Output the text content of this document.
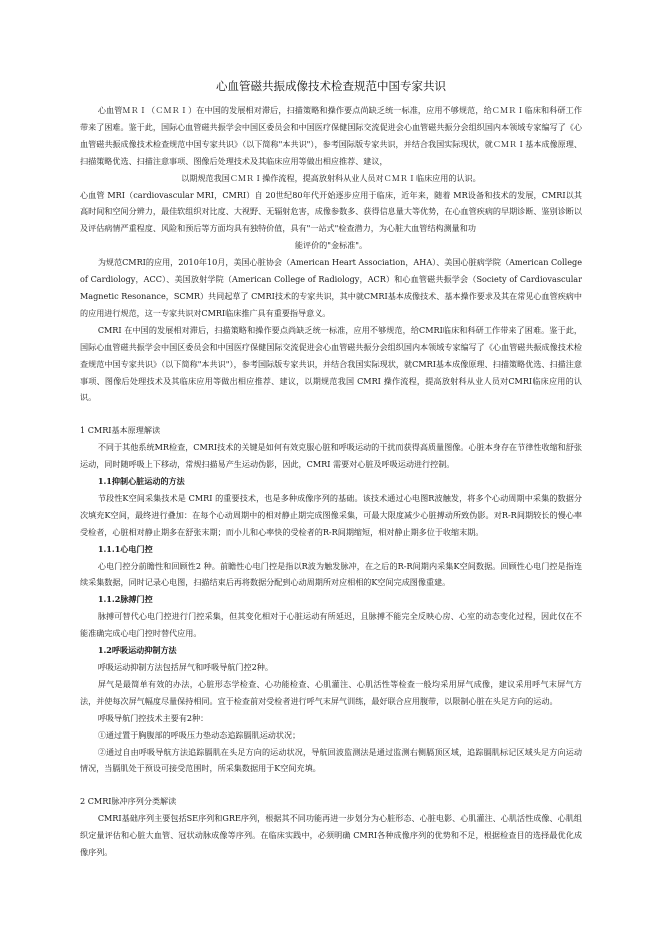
心血管磁共振成像技术检查规范中国专家共识

心血管ＭＲＩ（ＣＭＲＩ）在中国的发展相对滞后，扫描策略和操作要点尚缺乏统一标准，应用不够规范，给ＣＭＲＩ临床和科研工作带来了困难。鉴于此，国际心血管磁共振学会中国区委员会和中国医疗保健国际交流促进会心血管磁共振分会组织国内本领域专家编写了《心血管磁共振成像技术检查规范中国专家共识》（以下简称"本共识"），参考国际版专家共识，并结合我国实际现状，就ＣＭＲＩ基本成像原理、扫描策略优选、扫描注意事项、图像后处理技术及其临床应用等做出相应推荐、建议，

以期规范我国ＣＭＲＩ操作流程，提高放射科从业人员对ＣＭＲＩ临床应用的认识。

心血管 MRI（cardiovascular MRI，CMRI）自 20世纪80年代开始逐步应用于临床，近年来，随着 MR设备和技术的发展，CMRI以其高时间和空间分辨力，最佳软组织对比度、大视野、无辐射危害，成像参数多、获得信息量大等优势，在心血管疾病的早期诊断、鉴别诊断以及评估病情严重程度、风险和预后等方面均具有独特价值，具有"一站式"检查潜力，为心脏大血管结构测量和功

能评价的"金标准"。

为规范CMRI的应用，2010年10月，美国心脏协会（American Heart Association，AHA）、美国心脏病学院（American College of Cardiology，ACC）、美国放射学院（American College of Radiology，ACR）和心血管磁共振学会（Society of Cardiovascular Magnetic Resonance，SCMR）共同起草了 CMRI技术的专家共识，其中就CMRI基本成像技术、基本操作要求及其在常见心血管疾病中的应用进行规范，这一专家共识对CMRI临床推广具有重要指导意义。

CMRI 在中国的发展相对滞后，扫描策略和操作要点尚缺乏统一标准，应用不够规范，给CMRI临床和科研工作带来了困难。鉴于此，国际心血管磁共振学会中国区委员会和中国医疗保健国际交流促进会心血管磁共振分会组织国内本领域专家编写了《心血管磁共振成像技术检查规范中国专家共识》（以下简称"本共识"），参考国际版专家共识，并结合我国实际现状，就CMRI基本成像原理、扫描策略优选、扫描注意事项、图像后处理技术及其临床应用等做出相应推荐、建议，以期规范我国 CMRI 操作流程，提高放射科从业人员对CMRI临床应用的认识。

1 CMRI基本原理解读

不同于其他系统MR检查，CMRI技术的关键是如何有效克服心脏和呼吸运动的干扰而获得高质量图像。心脏本身存在节律性收缩和舒张运动，同时随呼吸上下移动，常规扫描易产生运动伪影，因此，CMRI 需要对心脏及呼吸运动进行控制。

1.1抑制心脏运动的方法

节段性K空间采集技术是 CMRI 的重要技术，也是多种成像序列的基础。该技术通过心电图R波触发，将多个心动周期中采集的数据分次填充K空间，最终进行叠加：在每个心动周期中的相对静止期完成图像采集，可最大限度减少心脏搏动所致伪影。对R-R间期较长的慢心率受检者，心脏相对静止期多在舒张末期；而小儿和心率快的受检者的R-R间期缩短，相对静止期多位于收缩末期。

1.1.1心电门控

心电门控分前瞻性和回顾性2 种。前瞻性心电门控是指以R波为触发脉冲，在之后的R-R间期内采集K空间数据。回顾性心电门控是指连续采集数据，同时记录心电图，扫描结束后再将数据分配到心动周期所对应相相的K空间完成图像重建。

1.1.2脉搏门控

脉搏可替代心电门控进行门控采集，但其变化相对于心脏运动有所延迟，且脉搏不能完全反映心房、心室的动态变化过程，因此仅在不能准确完成心电门控时替代应用。

1.2呼吸运动抑制方法

呼吸运动抑制方法包括屏气和呼吸导航门控2种。

屏气是最简单有效的办法，心脏形态学检查、心功能检查、心肌灌注、心肌活性等检查一般均采用屏气成像，建议采用呼气末屏气方法，并使每次屏气幅度尽量保持相同。宜于检查前对受检者进行呼气末屏气训练，最好联合应用腹带，以限制心脏在头足方向的运动。

呼吸导航门控技术主要有2种：

①通过置于胸腹部的呼吸压力垫动态追踪膈肌运动状况；

②通过自由呼吸导航方法追踪膈肌在头足方向的运动状况，导航回波监测法是通过监测右侧膈顶区域，追踪膈肌标记区域头足方向运动情况，当膈肌处于预设可接受范围时，所采集数据用于K空间充填。

2 CMRI脉冲序列分类解读

CMRI基础序列主要包括SE序列和GRE序列，根据其不同功能再进一步划分为心脏形态、心脏电影、心肌灌注、心肌活性成像、心肌组织定量评估和心脏大血管、冠状动脉成像等序列。在临床实践中，必须明确 CMRI各种成像序列的优势和不足，根据检查目的选择最优化成像序列。
